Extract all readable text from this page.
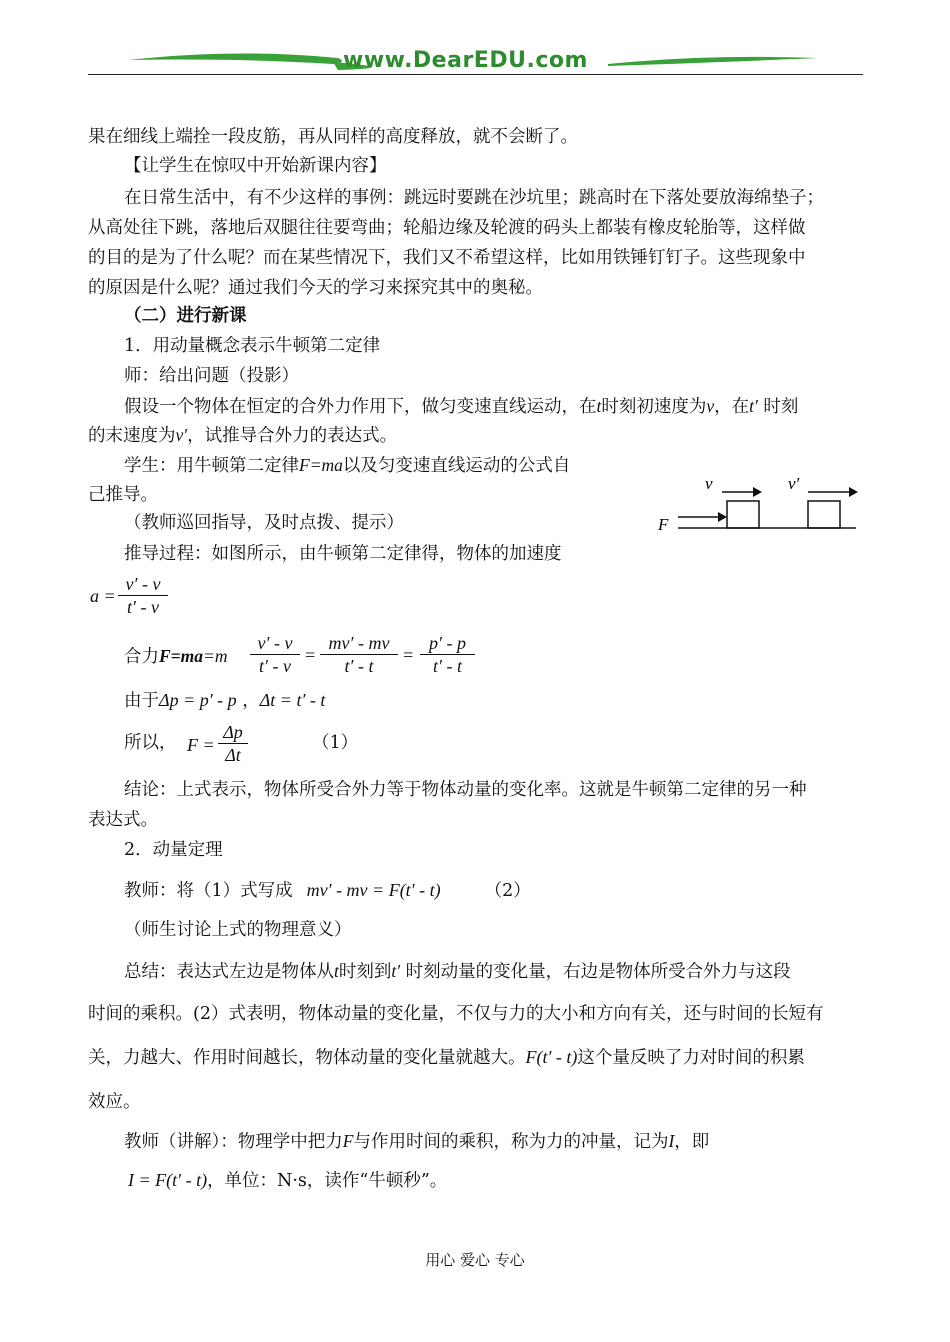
www.DearEDU.com
果在细线上端拴一段皮筋，再从同样的高度释放，就不会断了。
【让学生在惊叹中开始新课内容】
在日常生活中，有不少这样的事例：跳远时要跳在沙坑里；跳高时在下落处要放海绵垫子；
从高处往下跳，落地后双腿往往要弯曲；轮船边缘及轮渡的码头上都装有橡皮轮胎等，这样做
的目的是为了什么呢？而在某些情况下，我们又不希望这样，比如用铁锤钉钉子。这些现象中
的原因是什么呢？通过我们今天的学习来探究其中的奥秘。
（二）进行新课
1．用动量概念表示牛顿第二定律
师：给出问题（投影）
假设一个物体在恒定的合外力作用下，做匀变速直线运动，在t时刻初速度为v，在t′ 时刻
的末速度为v′，试推导合外力的表达式。
学生：用牛顿第二定律F=ma以及匀变速直线运动的公式自
己推导。
（教师巡回指导，及时点拨、提示）
推导过程：如图所示，由牛顿第二定律得，物体的加速度
v	v′
F
a =
v′ - v
t′ - v
合力F=ma=m
v′ - v
t′ - v
=
mv′ - mv
t′ - t
=
p′ - p
t′ - t
由于Δp = p′ - p ，Δt = t′ - t
所以， F =
Δp
Δt
（1）
结论：上式表示，物体所受合外力等于物体动量的变化率。这就是牛顿第二定律的另一种
表达式。
2．动量定理
教师：将（1）式写成 mv′ - mv = F(t′ - t)	（2）
（师生讨论上式的物理意义）
总结：表达式左边是物体从t时刻到t′ 时刻动量的变化量，右边是物体所受合外力与这段
时间的乘积。(2）式表明，物体动量的变化量，不仅与力的大小和方向有关，还与时间的长短有
关，力越大、作用时间越长，物体动量的变化量就越大。F(t′ - t)这个量反映了力对时间的积累
效应。
教师（讲解）：物理学中把力F与作用时间的乘积，称为力的冲量，记为I，即
I = F(t′ - t)，单位：N·s，读作“牛顿秒”。
用心 爱心 专心
